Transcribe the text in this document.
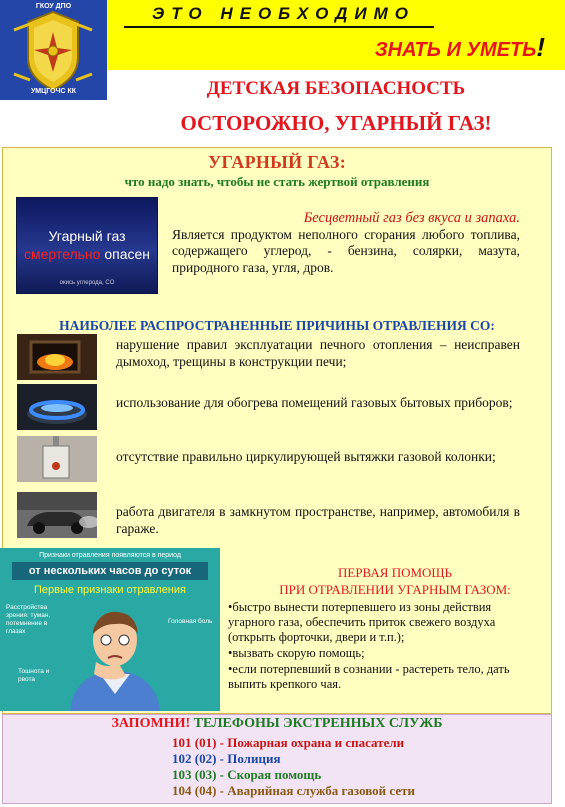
ГКОУ ДПО
УМЦГОЧС КК
ЭТО НЕОБХОДИМО
ЗНАТЬ И УМЕТЬ!
ДЕТСКАЯ БЕЗОПАСНОСТЬ
ОСТОРОЖНО, УГАРНЫЙ ГАЗ!
УГАРНЫЙ ГАЗ:
что надо знать, чтобы не стать жертвой отравления
Угарный газ
смертельно опасен
окись углерода, CO
Бесцветный газ без вкуса и запаха.
Является продуктом неполного сгорания любого топлива, содержащего углерод, - бензина, солярки, мазута, природного газа, угля, дров.
НАИБОЛЕЕ РАСПРОСТРАНЕННЫЕ ПРИЧИНЫ ОТРАВЛЕНИЯ СО:
нарушение правил эксплуатации печного отопления – неисправен дымоход, трещины в конструкции печи;
использование для обогрева помещений газовых бытовых приборов;
отсутствие правильно циркулирующей вытяжки газовой колонки;
работа двигателя в замкнутом пространстве, например, автомобиля в гараже.
Признаки отравления появляются в период
от нескольких часов до суток
Первые признаки отравления
Расстройства зрения: туман, потемнение в глазах
Головная боль
Тошнота и рвота
ПЕРВАЯ ПОМОЩЬ
ПРИ ОТРАВЛЕНИИ УГАРНЫМ ГАЗОМ:

•быстро вынести потерпевшего из зоны действия угарного газа, обеспечить приток свежего воздуха (открыть форточки, двери и т.п.);

•вызвать скорую помощь;

•если потерпевший в сознании - растереть тело, дать выпить крепкого чая.

ЗАПОМНИ! ТЕЛЕФОНЫ ЭКСТРЕННЫХ СЛУЖБ
101 (01) - Пожарная охрана и спасатели
102 (02) - Полиция
103 (03) - Скорая помощь
104 (04) - Аварийная служба газовой сети
